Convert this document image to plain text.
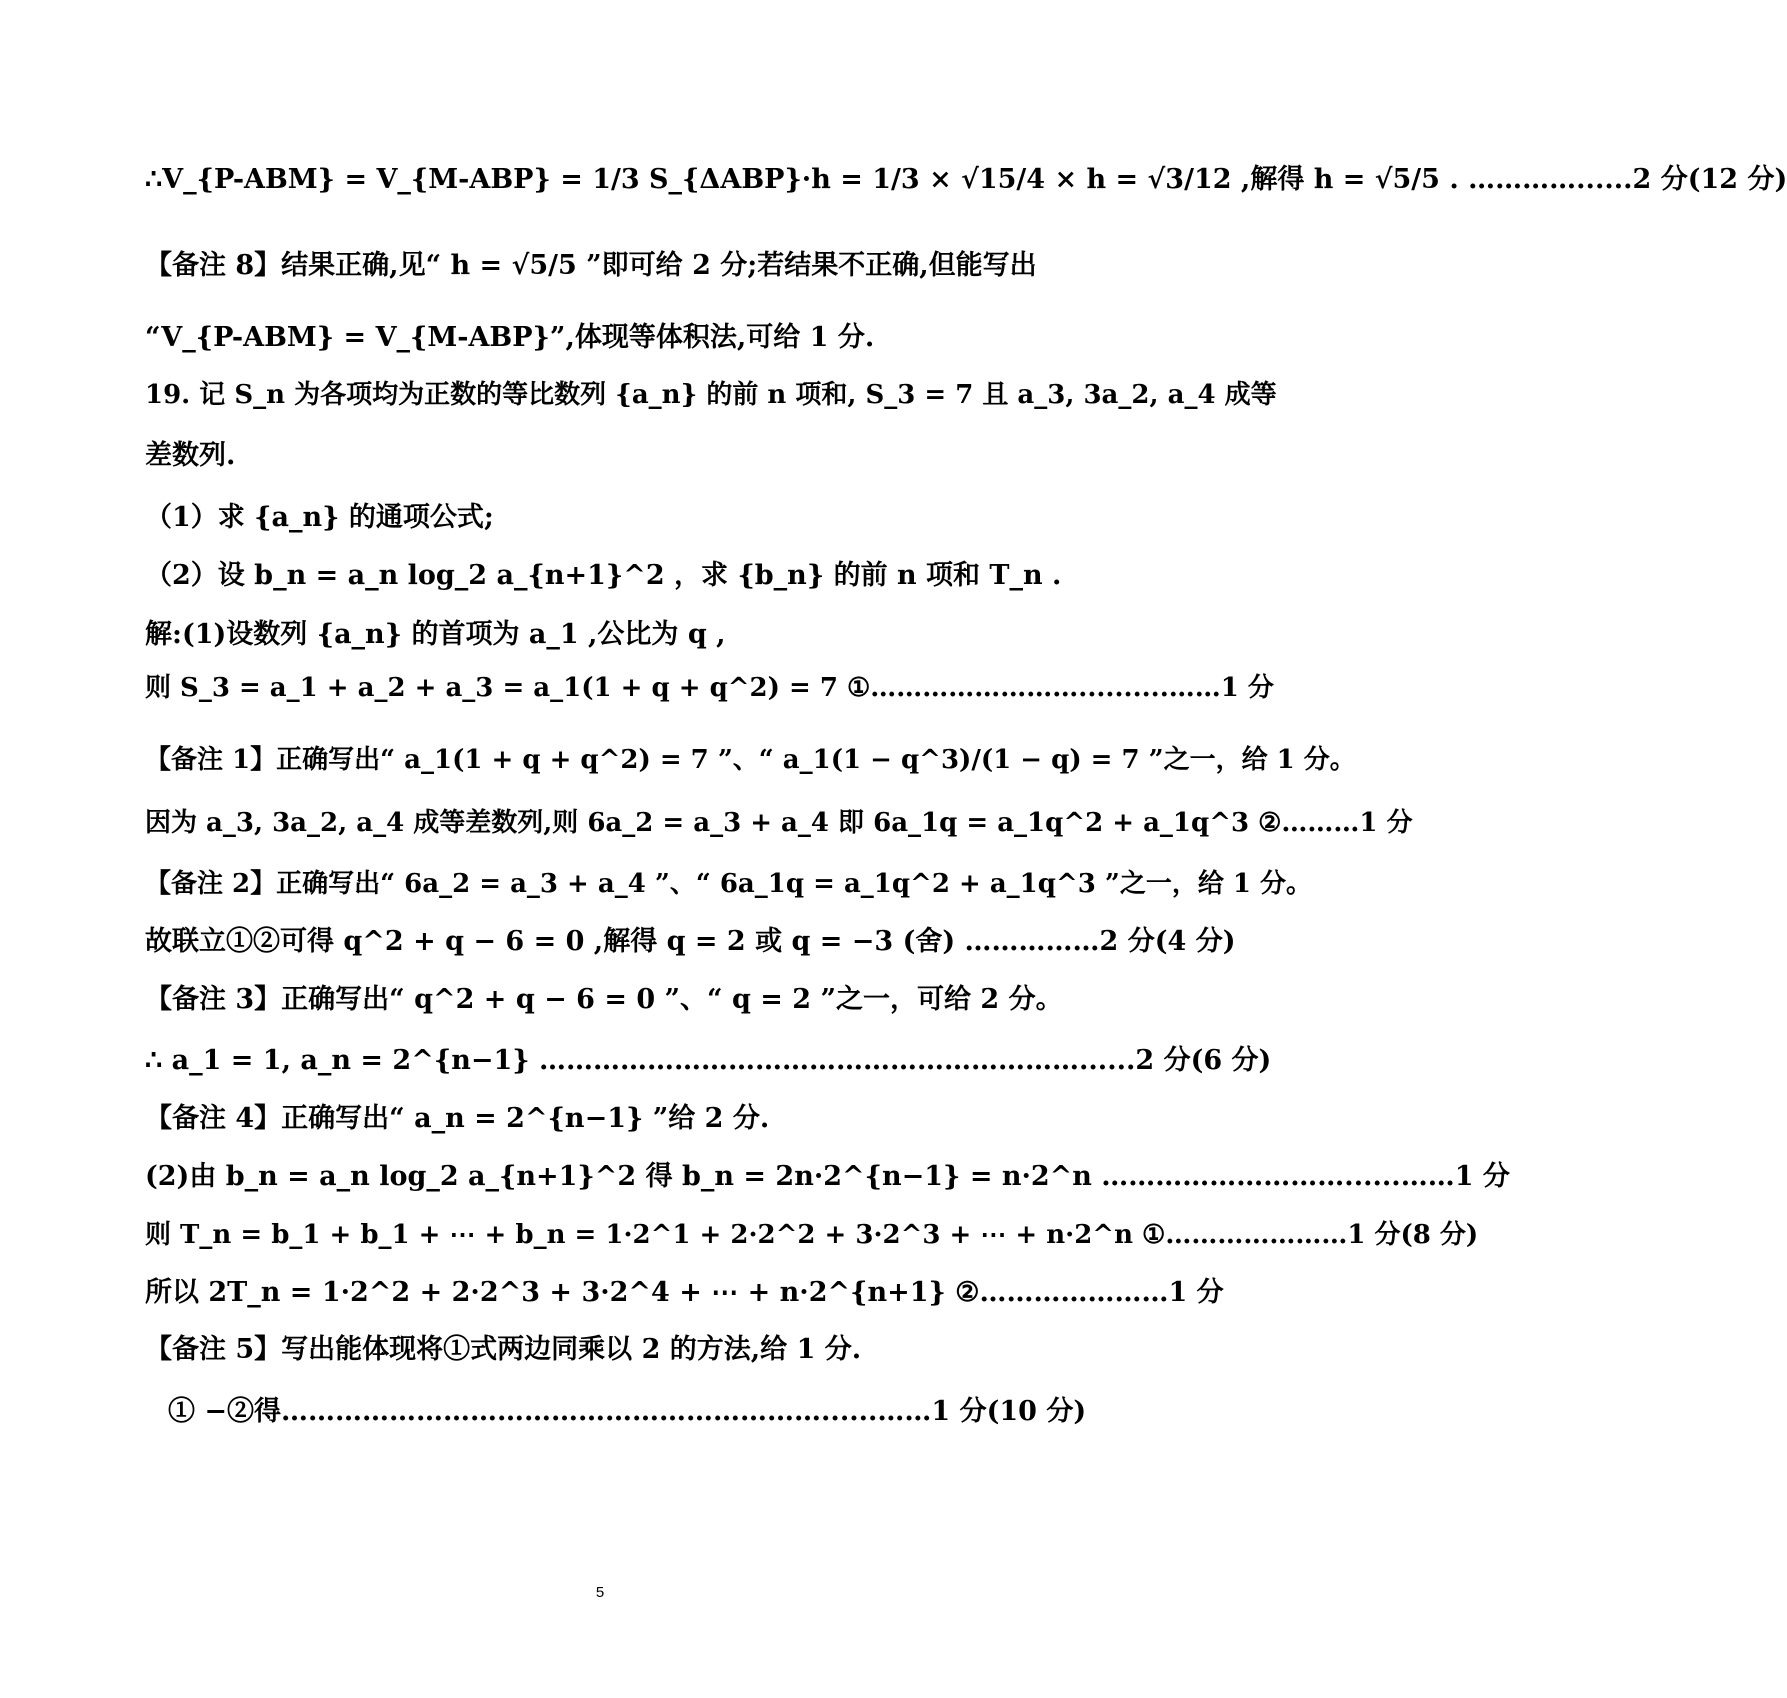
∴V_{P-ABM} = V_{M-ABP} = 1/3 S_{ΔABP}·h = 1/3 × √15/4 × h = √3/12 ,解得 h = √5/5 . …………......2 分(12 分)
【备注 8】结果正确,见“ h = √5/5 ”即可给 2 分;若结果不正确,但能写出
“V_{P-ABM} = V_{M-ABP}”,体现等体积法,可给 1 分.
19. 记 S_n 为各项均为正数的等比数列 {a_n} 的前 n 项和, S_3 = 7 且 a_3, 3a_2, a_4 成等
差数列.
（1）求 {a_n} 的通项公式;
（2）设 b_n = a_n log_2 a_{n+1}^2 ，求 {b_n} 的前 n 项和 T_n .
解:(1)设数列 {a_n} 的首项为 a_1 ,公比为 q ,
则 S_3 = a_1 + a_2 + a_3 = a_1(1 + q + q^2) = 7 ①……………………..........……1 分
【备注 1】正确写出“ a_1(1 + q + q^2) = 7 ”、“ a_1(1 − q^3)/(1 − q) = 7 ”之一，给 1 分。
因为 a_3, 3a_2, a_4 成等差数列,则 6a_2 = a_3 + a_4 即 6a_1q = a_1q^2 + a_1q^3 ②………1 分
【备注 2】正确写出“ 6a_2 = a_3 + a_4 ”、“ 6a_1q = a_1q^2 + a_1q^3 ”之一，给 1 分。
故联立①②可得 q^2 + q − 6 = 0 ,解得 q = 2 或 q = −3 (舍) ……………2 分(4 分)
【备注 3】正确写出“ q^2 + q − 6 = 0 ”、“ q = 2 ”之一，可给 2 分。
∴ a_1 = 1, a_n = 2^{n−1} ……………………………………………………......2 分(6 分)
【备注 4】正确写出“ a_n = 2^{n−1} ”给 2 分.
(2)由 b_n = a_n log_2 a_{n+1}^2 得 b_n = 2n·2^{n−1} = n·2^n ………………………......……1 分
则 T_n = b_1 + b_1 + ⋯ + b_n = 1·2^1 + 2·2^2 + 3·2^3 + ⋯ + n·2^n ①…………………1 分(8 分)
所以 2T_n = 1·2^2 + 2·2^3 + 3·2^4 + ⋯ + n·2^{n+1} ②…………………1 分
【备注 5】写出能体现将①式两边同乘以 2 的方法,给 1 分.
① −②得……………………………………………………......……1 分(10 分)
5
